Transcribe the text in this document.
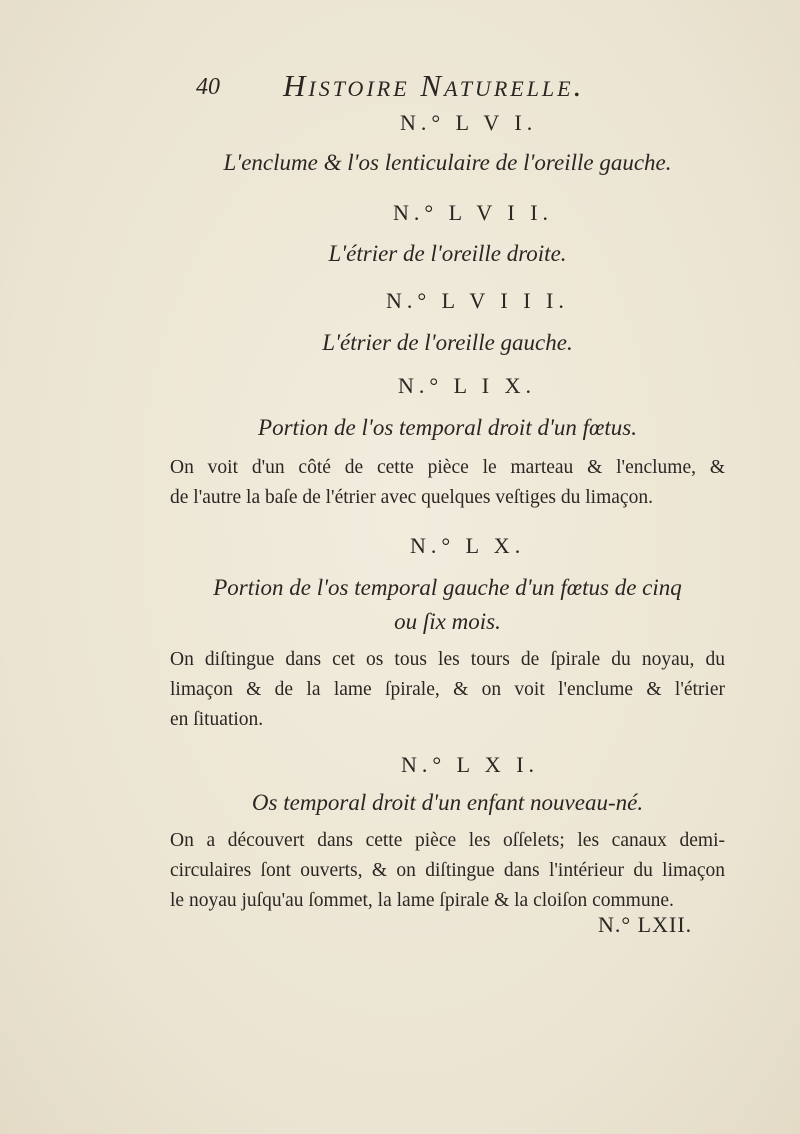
40 Histoire Naturelle.
N.° L V I.
L'enclume & l'os lenticulaire de l'oreille gauche.
N.° L V I I.
L'étrier de l'oreille droite.
N.° L V I I I.
L'étrier de l'oreille gauche.
N.° L I X.
Portion de l'os temporal droit d'un fœtus.
On voit d'un côté de cette pièce le marteau & l'enclume, &
de l'autre la baſe de l'étrier avec quelques veſtiges du limaçon.
N.° L X.
Portion de l'os temporal gauche d'un fœtus de cinq
ou ſix mois.
On diſtingue dans cet os tous les tours de ſpirale du noyau, du
limaçon & de la lame ſpirale, & on voit l'enclume & l'étrier
en ſituation.
N.° L X I.
Os temporal droit d'un enfant nouveau-né.
On a découvert dans cette pièce les oſſelets; les canaux demi-
circulaires ſont ouverts, & on diſtingue dans l'intérieur du limaçon
le noyau juſqu'au ſommet, la lame ſpirale & la cloiſon commune.
N.° LXII.
